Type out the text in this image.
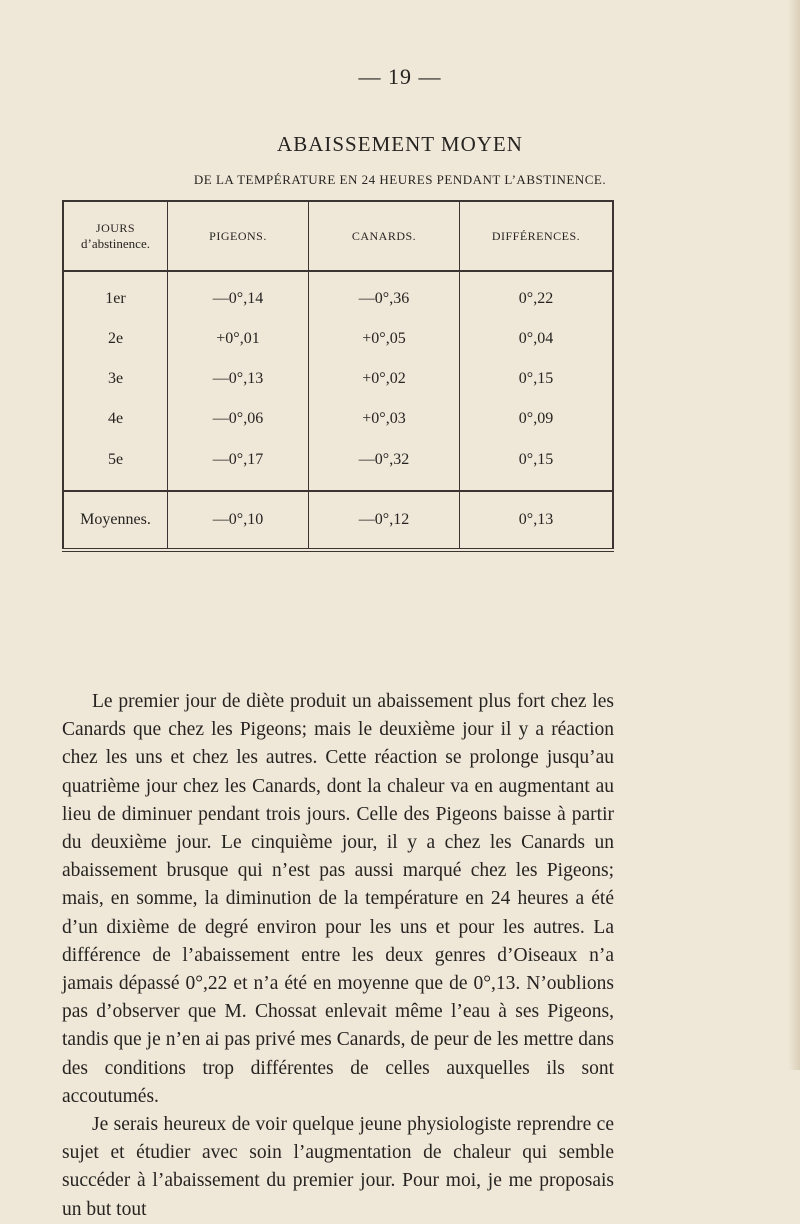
— 19 —
ABAISSEMENT MOYEN
DE LA TEMPÉRATURE EN 24 HEURES PENDANT L’ABSTINENCE.
JOURS

d’abstinence.	PIGEONS.	CANARDS.	DIFFÉRENCES.
1er	—0°,14	—0°,36	0°,22
2e	+0°,01	+0°,05	0°,04
3e	—0°,13	+0°,02	0°,15
4e	—0°,06	+0°,03	0°,09
5e	—0°,17	—0°,32	0°,15
Moyennes.	—0°,10	—0°,12	0°,13

Le premier jour de diète produit un abaissement plus fort chez les Canards que chez les Pigeons; mais le deuxième jour il y a réaction chez les uns et chez les autres. Cette réaction se prolonge jusqu’au quatrième jour chez les Canards, dont la chaleur va en augmentant au lieu de diminuer pendant trois jours. Celle des Pigeons baisse à partir du deuxième jour. Le cinquième jour, il y a chez les Canards un abaissement brusque qui n’est pas aussi marqué chez les Pigeons; mais, en somme, la diminution de la température en 24 heures a été d’un dixième de degré environ pour les uns et pour les autres. La différence de l’abaissement entre les deux genres d’Oiseaux n’a jamais dépassé 0°,22 et n’a été en moyenne que de 0°,13. N’oublions pas d’observer que M. Chossat enlevait même l’eau à ses Pigeons, tandis que je n’en ai pas privé mes Canards, de peur de les mettre dans des conditions trop différentes de celles auxquelles ils sont accoutumés.

Je serais heureux de voir quelque jeune physiologiste reprendre ce sujet et étudier avec soin l’augmentation de chaleur qui semble succéder à l’abaissement du premier jour. Pour moi, je me proposais un but tout
